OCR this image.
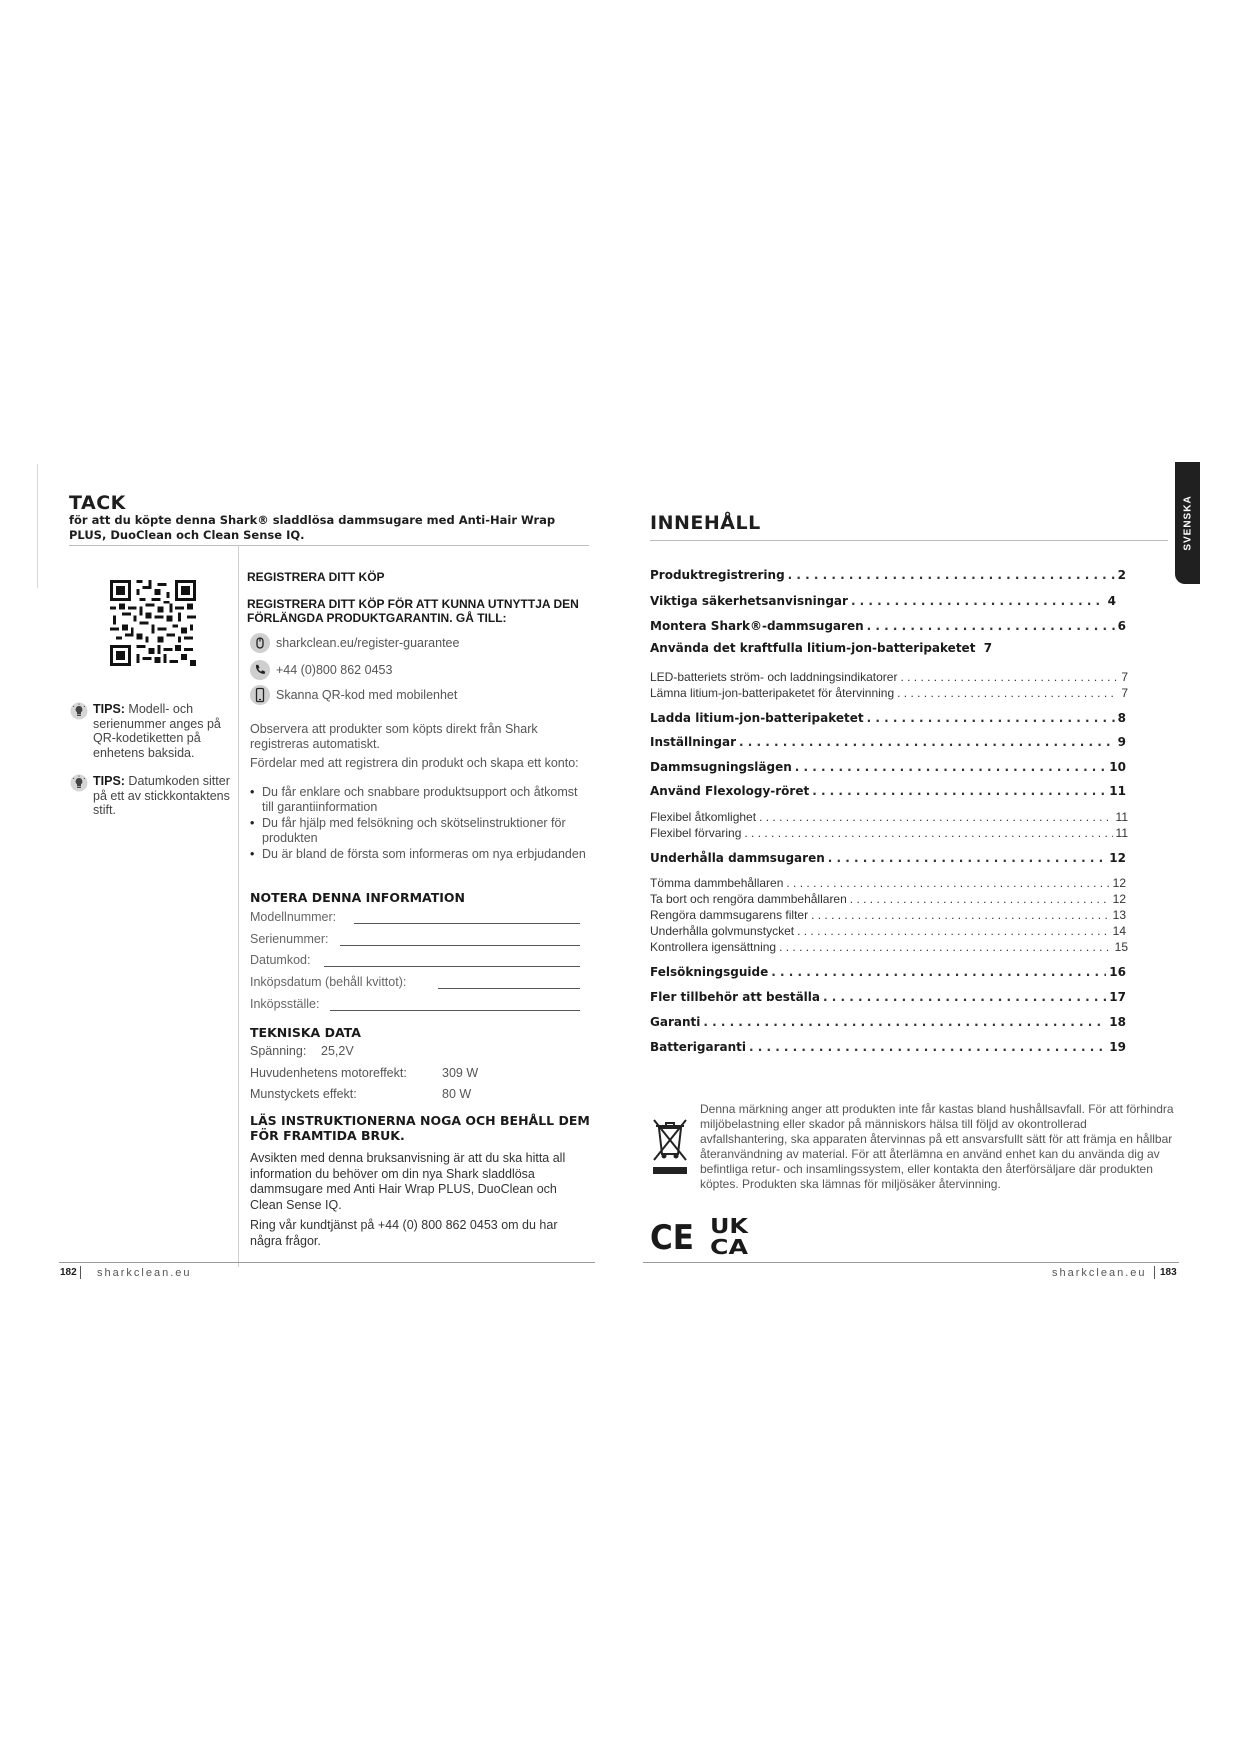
TACK
för att du köpte denna Shark® sladdlösa dammsugare med Anti-Hair Wrap PLUS, DuoClean och Clean Sense IQ.
TIPS: Modell- och serienummer anges på QR-kodetiketten på enhetens baksida.
TIPS: Datumkoden sitter på ett av stickkontaktens stift.
REGISTRERA DITT KÖP
REGISTRERA DITT KÖP FÖR ATT KUNNA UTNYTTJA DEN FÖRLÄNGDA PRODUKTGARANTIN. GÅ TILL:
sharkclean.eu/register-guarantee
+44 (0)800 862 0453
Skanna QR-kod med mobilenhet
Observera att produkter som köpts direkt från Shark registreras automatiskt.
Fördelar med att registrera din produkt och skapa ett konto:
• Du får enklare och snabbare produktsupport och åtkomst till garantiinformation
• Du får hjälp med felsökning och skötselinstruktioner för produkten
• Du är bland de första som informeras om nya erbjudanden
NOTERA DENNA INFORMATION
Modellnummer:
Serienummer:
Datumkod:
Inköpsdatum (behåll kvittot):
Inköpsställe:
TEKNISKA DATA
Spänning: 25,2V
Huvudenhetens motoreffekt:	309 W
Munstyckets effekt:	80 W
LÄS INSTRUKTIONERNA NOGA OCH BEHÅLL DEM FÖR FRAMTIDA BRUK.
Avsikten med denna bruksanvisning är att du ska hitta all information du behöver om din nya Shark sladdlösa dammsugare med Anti Hair Wrap PLUS, DuoClean och Clean Sense IQ.
Ring vår kundtjänst på +44 (0) 800 862 0453 om du har några frågor.
182 sharkclean.eu
INNEHÅLL	SVENSKA
Produktregistrering . . .	2
Viktiga säkerhetsanvisningar . . .	4
Montera Shark®-dammsugaren . . .	6
Använda det kraftfulla litium-jon-batteripaketet 7
LED-batteriets ström- och laddningsindikatorer . . .	7
Lämna litium-jon-batteripaketet för återvinning . . .	7
Ladda litium-jon-batteripaketet . . .	8
Inställningar . . .	9
Dammsugningslägen . . .	10
Använd Flexology-röret . . .	11
Flexibel åtkomlighet . . .	11
Flexibel förvaring . . .	11
Underhålla dammsugaren . . .	12
Tömma dammbehållaren . . .	12
Ta bort och rengöra dammbehållaren . . .	12
Rengöra dammsugarens filter . . .	13
Underhålla golvmunstycket . . .	14
Kontrollera igensättning . . .	15
Felsökningsguide . . .	16
Fler tillbehör att beställa . . .	17
Garanti . . .	18
Batterigaranti . . .	19
Denna märkning anger att produkten inte får kastas bland hushållsavfall. För att förhindra miljöbelastning eller skador på människors hälsa till följd av okontrollerad avfallshantering, ska apparaten återvinnas på ett ansvarsfullt sätt för att främja en hållbar återanvändning av material. För att återlämna en använd enhet kan du använda dig av befintliga retur- och insamlingssystem, eller kontakta den återförsäljare där produkten köptes. Produkten ska lämnas för miljösäker återvinning.
CE UK
CA
sharkclean.eu 183
